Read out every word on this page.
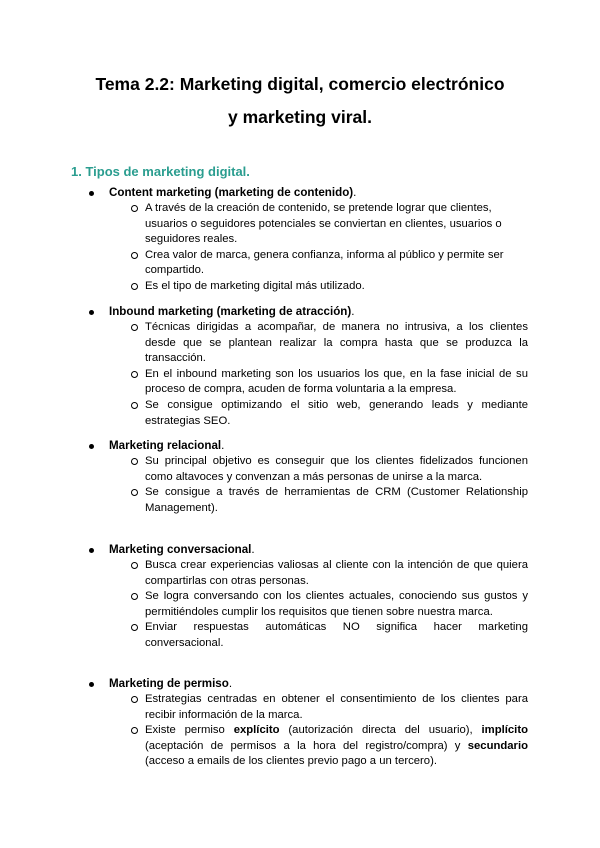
Tema 2.2: Marketing digital, comercio electrónico
y marketing viral.
1. Tipos de marketing digital.
Content marketing (marketing de contenido).
A través de la creación de contenido, se pretende lograr que clientes, usuarios o seguidores potenciales se conviertan en clientes, usuarios o seguidores reales.
Crea valor de marca, genera confianza, informa al público y permite ser compartido.
Es el tipo de marketing digital más utilizado.
Inbound marketing (marketing de atracción).
Técnicas dirigidas a acompañar, de manera no intrusiva, a los clientes desde que se plantean realizar la compra hasta que se produzca la transacción.
En el inbound marketing son los usuarios los que, en la fase inicial de su proceso de compra, acuden de forma voluntaria a la empresa.
Se consigue optimizando el sitio web, generando leads y mediante estrategias SEO.
Marketing relacional.
Su principal objetivo es conseguir que los clientes fidelizados funcionen como altavoces y convenzan a más personas de unirse a la marca.
Se consigue a través de herramientas de CRM (Customer Relationship Management).
Marketing conversacional.
Busca crear experiencias valiosas al cliente con la intención de que quiera compartirlas con otras personas.
Se logra conversando con los clientes actuales, conociendo sus gustos y permitiéndoles cumplir los requisitos que tienen sobre nuestra marca.
Enviar respuestas automáticas NO significa hacer marketing conversacional.
Marketing de permiso.
Estrategias centradas en obtener el consentimiento de los clientes para recibir información de la marca.
Existe permiso explícito (autorización directa del usuario), implícito (aceptación de permisos a la hora del registro/compra) y secundario (acceso a emails de los clientes previo pago a un tercero).
